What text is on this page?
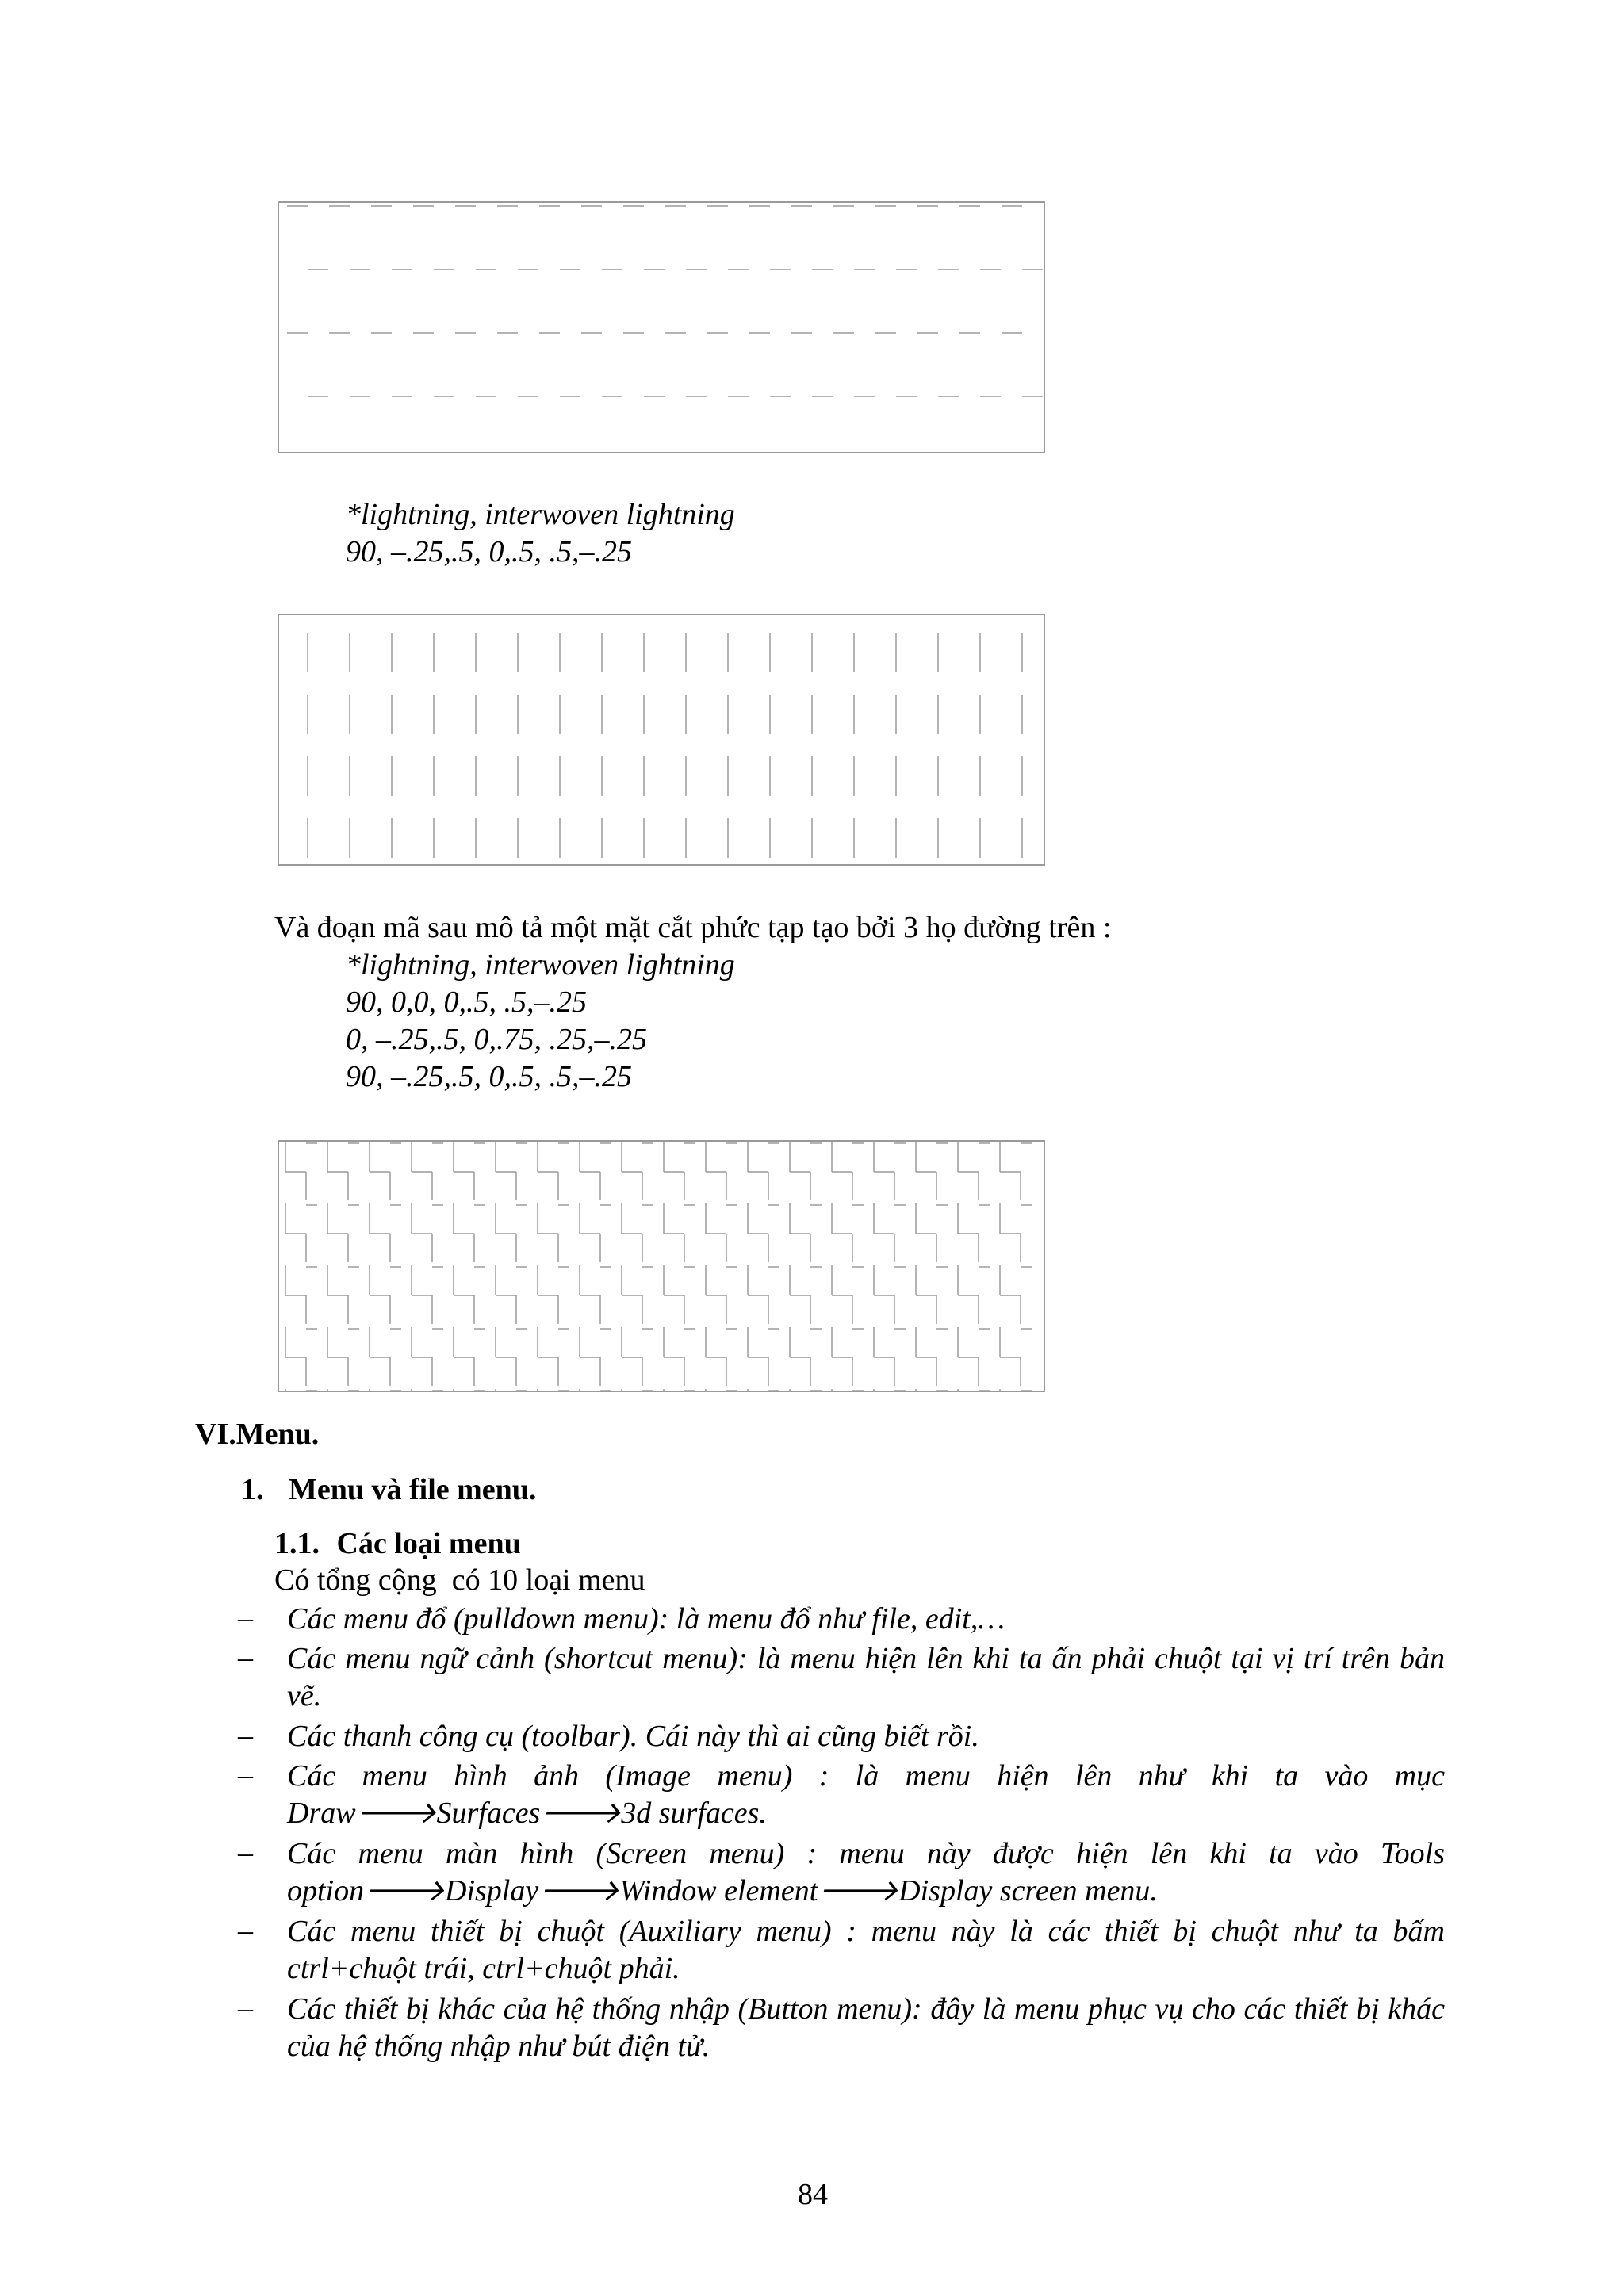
*lightning, interwoven lightning
90, –.25,.5, 0,.5, .5,–.25
Và đoạn mã sau mô tả một mặt cắt phức tạp tạo bởi 3 họ đường trên :
*lightning, interwoven lightning
90, 0,0, 0,.5, .5,–.25
0, –.25,.5, 0,.75, .25,–.25
90, –.25,.5, 0,.5, .5,–.25
VI.Menu.
1. Menu và file menu.
1.1. Các loại menu
Có tổng cộng  có 10 loại menu
– Các menu đổ (pulldown menu): là menu đổ như file, edit,…
– Các menu ngữ cảnh (shortcut menu): là menu hiện lên khi ta ấn phải chuột tại vị trí trên bản vẽ.
– Các thanh công cụ (toolbar). Cái này thì ai cũng biết rồi.
– Các menu hình ảnh (Image menu) : là menu hiện lên như khi ta vào mục Draw🡒Surfaces🡒3d surfaces.
– Các menu màn hình (Screen menu) : menu này được hiện lên khi ta vào Tools option🡒Display🡒Window element🡒Display screen menu.
– Các menu thiết bị chuột (Auxiliary menu) : menu này là các thiết bị chuột như ta bấm ctrl+chuột trái, ctrl+chuột phải.
– Các thiết bị khác của hệ thống nhập (Button menu): đây là menu phục vụ cho các thiết bị khác của hệ thống nhập như bút điện tử.
84
